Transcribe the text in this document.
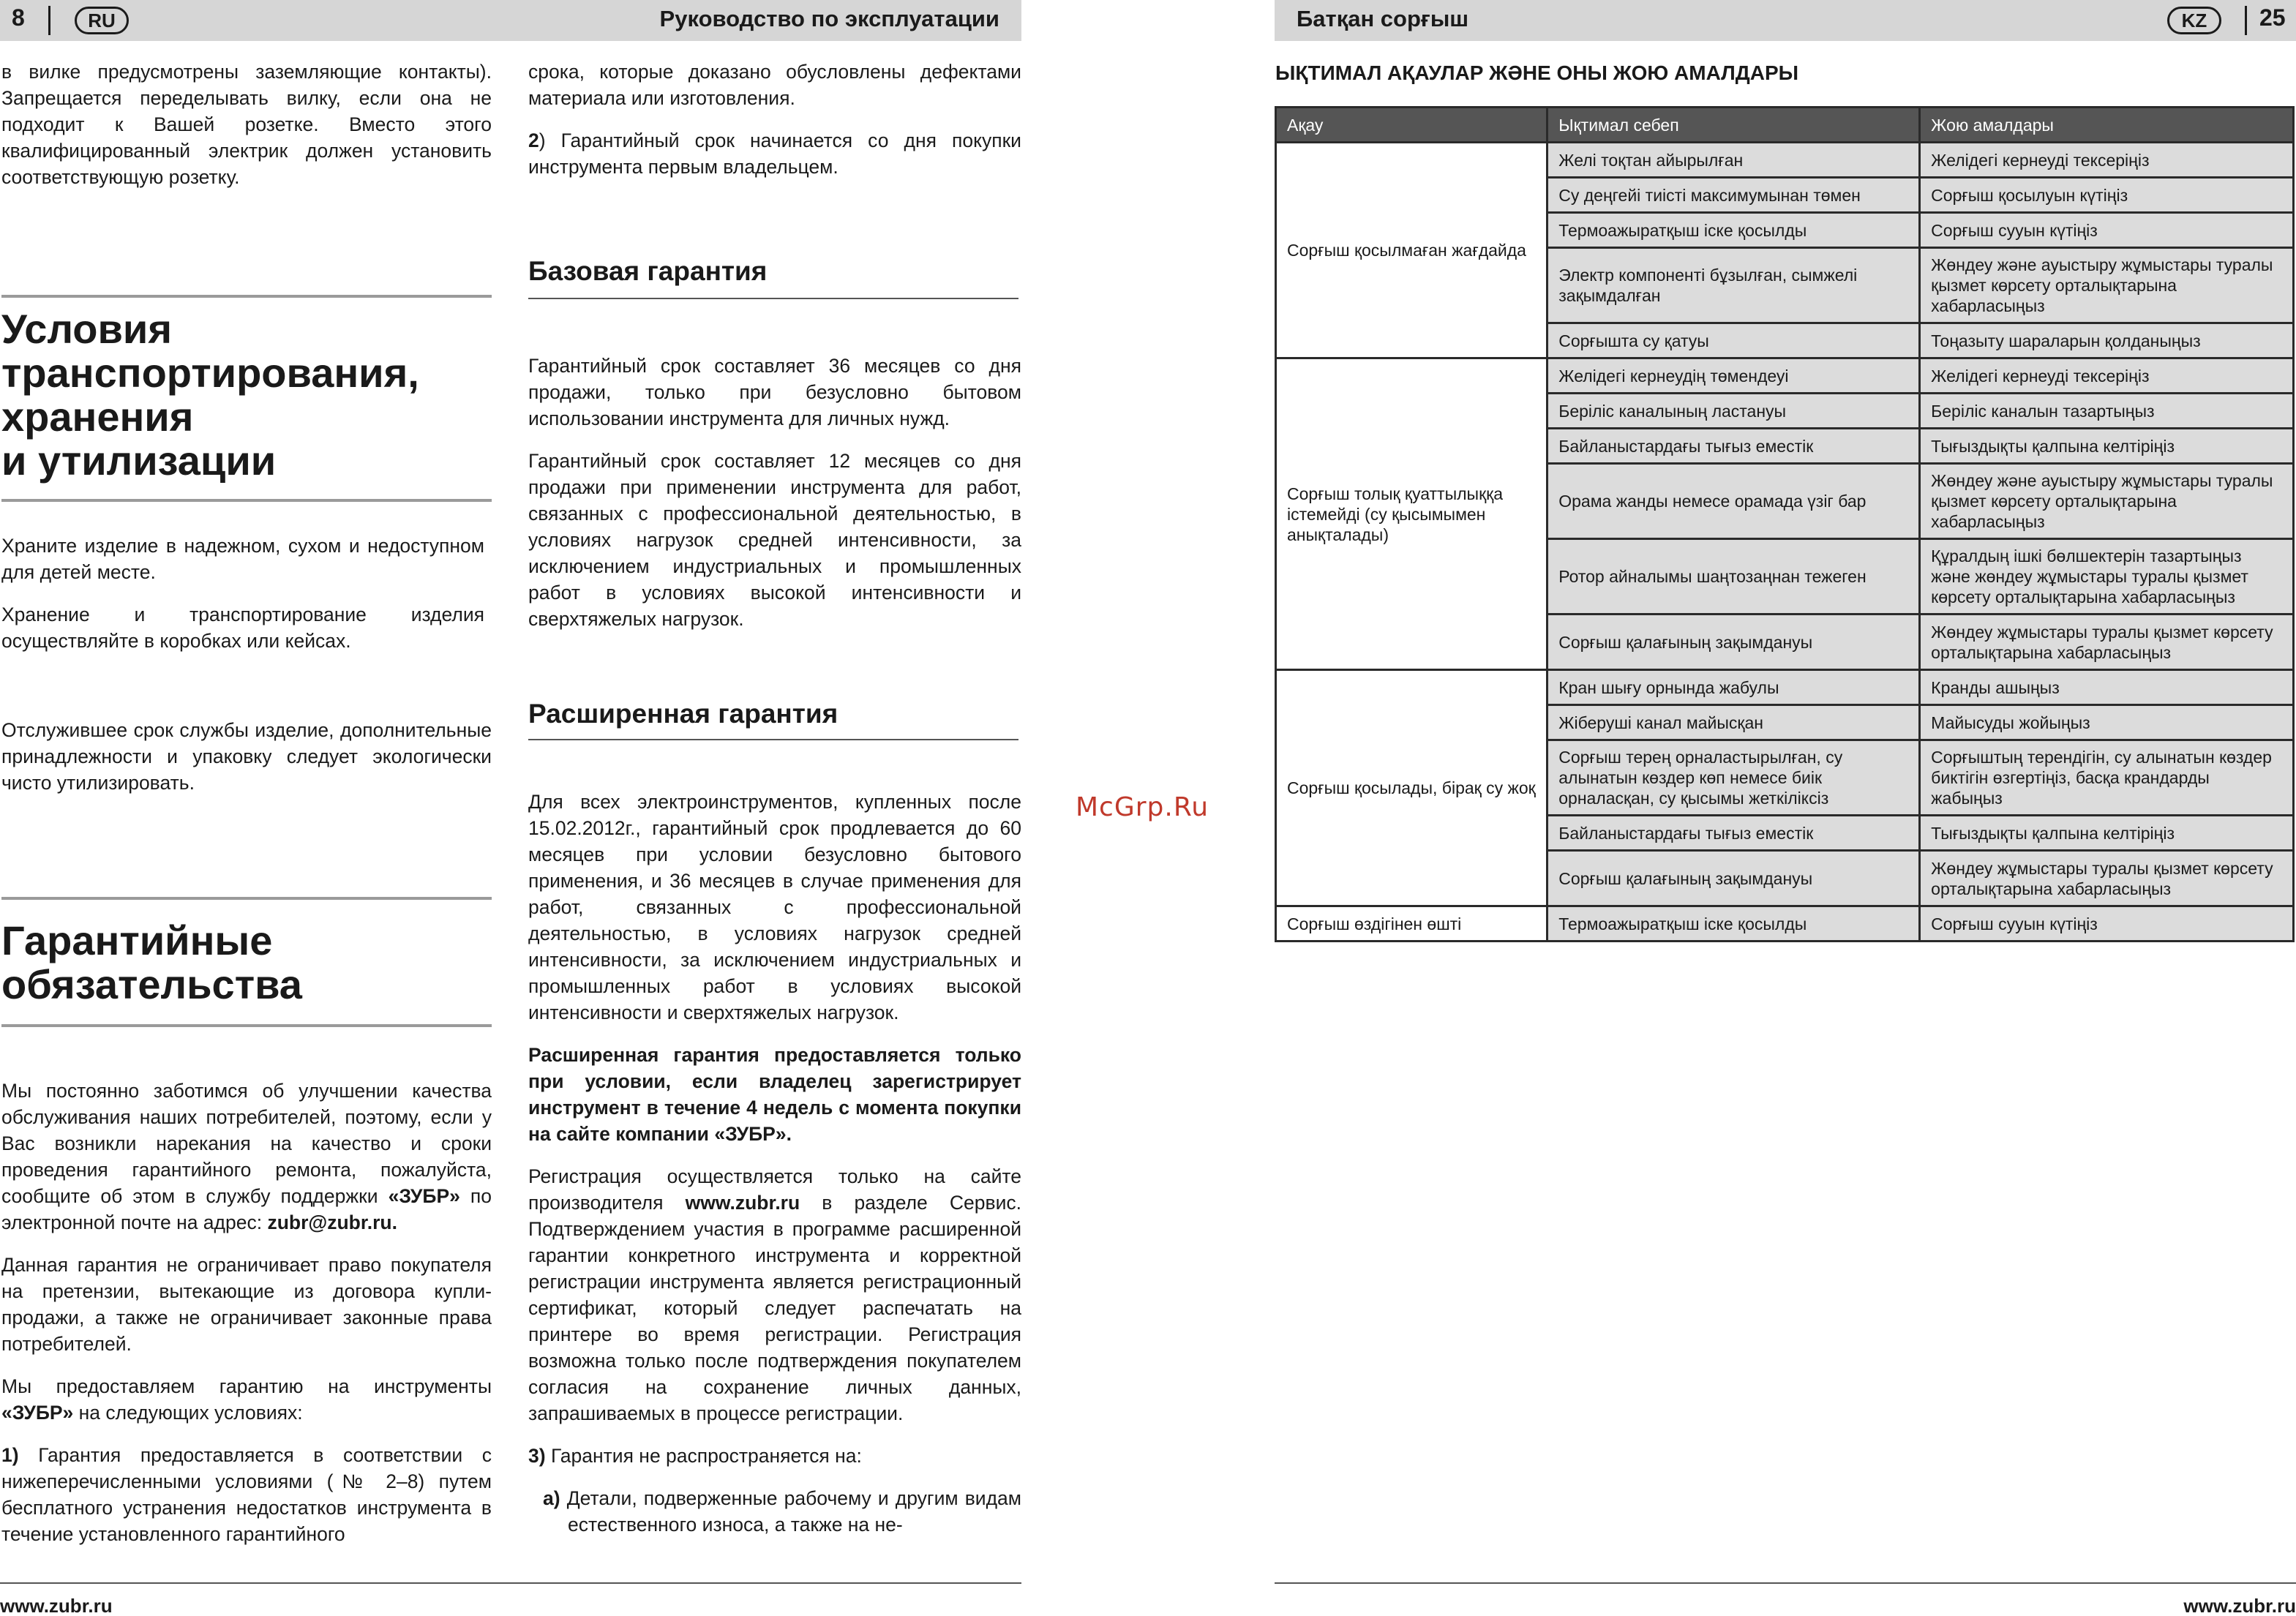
8	RU	Руководство по эксплуатации
в вилке предусмотрены заземляющие контакты). Запрещается переделывать вилку, если она не подходит к Вашей розетке. Вместо этого квалифицированный электрик должен установить соответствующую розетку.
Условия
транспортирования,
хранения
и утилизации

Храните изделие в надежном, сухом и недоступном для детей месте.

Хранение и транспортирование изделия осуществляйте в коробках или кейсах.

Отслужившее срок службы изделие, дополнительные принадлежности и упаковку следует экологически чисто утилизировать.

Гарантийные
обязательства

Мы постоянно заботимся об улучшении качества обслуживания наших потребителей, поэтому, если у Вас возникли нарекания на качество и сроки проведения гарантийного ремонта, пожалуйста, сообщите об этом в службу поддержки «ЗУБР» по электронной почте на адрес: zubr@zubr.ru.

Данная гарантия не ограничивает право покупателя на претензии, вытекающие из договора купли-продажи, а также не ограничивает законные права потребителей.

Мы предоставляем гарантию на инструменты «ЗУБР» на следующих условиях:

1) Гарантия предоставляется в соответствии с нижеперечисленными условиями (№ 2–8) путем бесплатного устранения недостатков инструмента в течение установленного гарантийного

срока, которые доказано обусловлены дефектами материала или изготовления.

2) Гарантийный срок начинается со дня покупки инструмента первым владельцем.

Базовая гарантия

Гарантийный срок составляет 36 месяцев со дня продажи, только при безусловно бытовом использовании инструмента для личных нужд.

Гарантийный срок составляет 12 месяцев со дня продажи при применении инструмента для работ, связанных с профессиональной деятельностью, в условиях нагрузок средней интенсивности, за исключением индустриальных и промышленных работ в условиях высокой интенсивности и сверхтяжелых нагрузок.

Расширенная гарантия

Для всех электроинструментов, купленных после 15.02.2012г., гарантийный срок продлевается до 60 месяцев при условии безусловно бытового применения, и 36 месяцев в случае применения для работ, связанных с профессиональной деятельностью, в условиях нагрузок средней интенсивности, за исключением индустриальных и промышленных работ в условиях высокой интенсивности и сверхтяжелых нагрузок.

Расширенная гарантия предоставляется только при условии, если владелец зарегистрирует инструмент в течение 4 недель с момента покупки на сайте компании «ЗУБР».

Регистрация осуществляется только на сайте производителя www.zubr.ru в разделе Сервис. Подтверждением участия в программе расширенной гарантии конкретного инструмента и корректной регистрации инструмента является регистрационный сертификат, который следует распечатать на принтере во время регистрации. Регистрация возможна только после подтверждения покупателем согласия на сохранение личных данных, запрашиваемых в процессе регистрации.

3) Гарантия не распространяется на:

а) Детали, подверженные рабочему и другим видам естественного износа, а также на не-

www.zubr.ru
McGrp.Ru
Батқан сорғыш	KZ	25
ЫҚТИМАЛ АҚАУЛАР ЖӘНЕ ОНЫ ЖОЮ АМАЛДАРЫ
Ақау	Ықтимал себеп	Жою амалдары
Сорғыш қосылмаған жағдайда	Желі тоқтан айырылған	Желідегі кернеуді тексеріңіз
	Су деңгейі тиісті максимумынан төмен	Сорғыш қосылуын күтіңіз
	Термоажыратқыш іске қосылды	Сорғыш сууын күтіңіз
	Электр компоненті бұзылған, сымжелі зақымдалған	Жөндеу және ауыстыру жұмыстары туралы қызмет көрсету орталықтарына хабарласыңыз
	Сорғышта су қатуы	Тоңазыту шараларын қолданыңыз
Сорғыш толық қуаттылыққа істемейді (су қысымымен анықталады)	Желідегі кернеудің төмендеуі	Желідегі кернеуді тексеріңіз
	Беріліс каналының ластануы	Беріліс каналын тазартыңыз
	Байланыстардағы тығыз еместік	Тығыздықты қалпына келтіріңіз
	Орама жанды немесе орамада үзіг бар	Жөндеу және ауыстыру жұмыстары туралы қызмет көрсету орталықтарына хабарласыңыз
	Ротор айналымы шаңтозаңнан тежеген	Құралдың ішкі бөлшектерін тазартыңыз және жөндеу жұмыстары туралы қызмет көрсету орталықтарына хабарласыңыз
	Сорғыш қалағының зақымдануы	Жөндеу жұмыстары туралы қызмет көрсету орталықтарына хабарласыңыз
Сорғыш қосылады, бірақ су жоқ	Кран шығу орнында жабулы	Кранды ашыңыз
	Жіберуші канал майысқан	Майысуды жойыңыз
	Сорғыш терең орналастырылған, су алынатын көздер көп немесе биік орналасқан, су қысымы жеткіліксіз	Сорғыштың терендігін, су алынатын көздер биктігін өзгертіңіз, басқа крандарды жабыңыз
	Байланыстардағы тығыз еместік	Тығыздықты қалпына келтіріңіз
	Сорғыш қалағының зақымдануы	Жөндеу жұмыстары туралы қызмет көрсету орталықтарына хабарласыңыз
Сорғыш өздігінен өшті	Термоажыратқыш іске қосылды	Сорғыш сууын күтіңіз
www.zubr.ru
